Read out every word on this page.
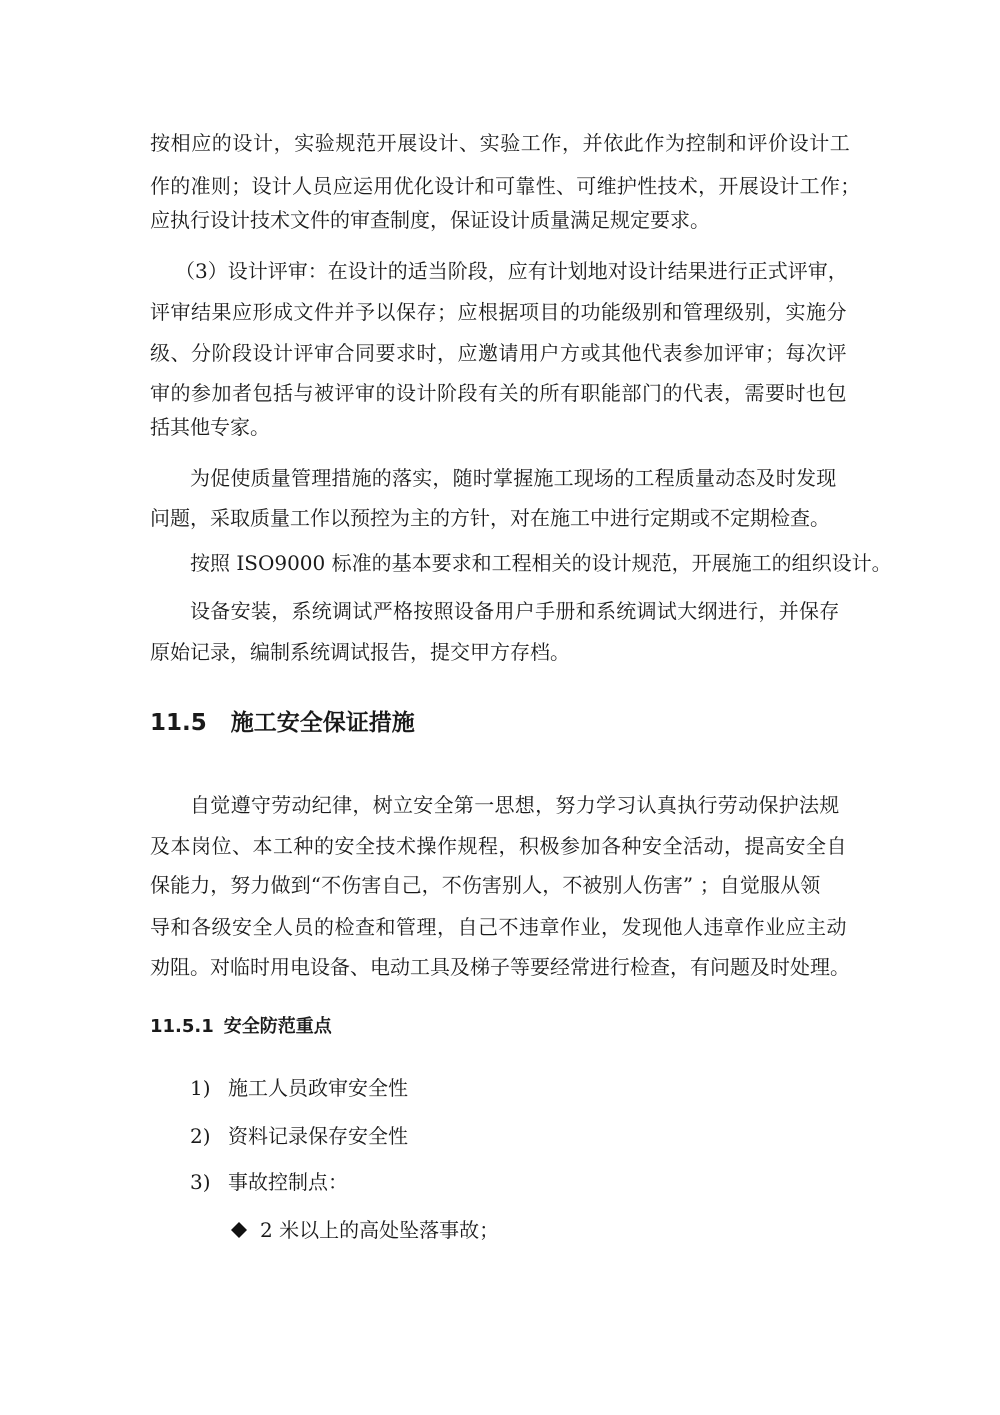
按相应的设计，实验规范开展设计、实验工作，并依此作为控制和评价设计工
作的准则；设计人员应运用优化设计和可靠性、可维护性技术，开展设计工作；
应执行设计技术文件的审查制度，保证设计质量满足规定要求。
（3）设计评审：在设计的适当阶段，应有计划地对设计结果进行正式评审，
评审结果应形成文件并予以保存；应根据项目的功能级别和管理级别，实施分
级、分阶段设计评审合同要求时，应邀请用户方或其他代表参加评审；每次评
审的参加者包括与被评审的设计阶段有关的所有职能部门的代表，需要时也包
括其他专家。
为促使质量管理措施的落实，随时掌握施工现场的工程质量动态及时发现
问题，采取质量工作以预控为主的方针，对在施工中进行定期或不定期检查。
按照 ISO9000 标准的基本要求和工程相关的设计规范，开展施工的组织设计。
设备安装，系统调试严格按照设备用户手册和系统调试大纲进行，并保存
原始记录，编制系统调试报告，提交甲方存档。
11.5 施工安全保证措施
自觉遵守劳动纪律，树立安全第一思想，努力学习认真执行劳动保护法规
及本岗位、本工种的安全技术操作规程，积极参加各种安全活动，提高安全自
保能力，努力做到“不伤害自己，不伤害别人，不被别人伤害” ；自觉服从领
导和各级安全人员的检查和管理，自己不违章作业，发现他人违章作业应主动
劝阻。对临时用电设备、电动工具及梯子等要经常进行检查，有问题及时处理。
11.5.1 安全防范重点
1) 施工人员政审安全性
2) 资料记录保存安全性
3) 事故控制点：
2 米以上的高处坠落事故；
